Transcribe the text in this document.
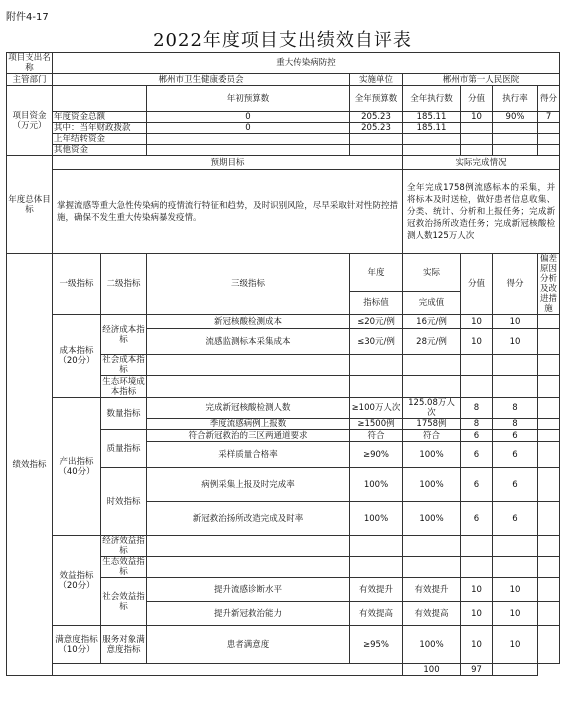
附件4-17
2022年度项目支出绩效自评表
项目支出名称	重大传染病防控							
主管部门	郴州市卫生健康委员会			实施单位	郴州市第一人民医院			
项目资金（万元）			年初预算数	全年预算数	全年执行数	分值	执行率	得分
	年度资金总额		0	205.23	185.11	10	90%	7
	其中：当年财政拨款		0	205.23	185.11			
	上年结转资金							
	其他资金							
年度总体目标	预期目标				实际完成情况			
	掌握流感等重大急性传染病的疫情流行特征和趋势，及时识别风险，尽早采取针对性防控措施，确保不发生重大传染病暴发疫情。				全年完成1758例流感标本的采集，并将标本及时送检，做好患者信息收集、分类、统计、分析和上报任务；完成新冠救治扬所改造任务；完成新冠核酸检测人数125万人次			
绩效指标	一级指标	二级指标	三级指标	年度	实际	分值	得分	偏差原因分析及改进措施
				指标值	完成值			
	成本指标（20分）	经济成本指标	新冠核酸检测成本	≤20元/例	16元/例	10	10	
			流感监测标本采集成本	≤30元/例	28元/例	10	10	
		社会成本指标						
		生态环境成本指标						
	产出指标（40分）	数量指标	完成新冠核酸检测人数	≥100万人次	125.08万人次	8	8	
			季度流感病例上报数	≥1500例	1758例	8	8	
		质量指标	符合新冠救治的三区两通道要求	符合	符合	6	6	
			采样质量合格率	≥90%	100%	6	6	
		时效指标	病例采集上报及时完成率	100%	100%	6	6	
			新冠救治扬所改造完成及时率	100%	100%	6	6	
	效益指标（20分）	经济效益指标						
		生态效益指标						
		社会效益指标	提升流感诊断水平	有效提升	有效提升	10	10	
			提升新冠救治能力	有效提高	有效提高	10	10	
	满意度指标（10分）	服务对象满意度指标	患者满意度	≥95%	100%	10	10	
					100	97		
